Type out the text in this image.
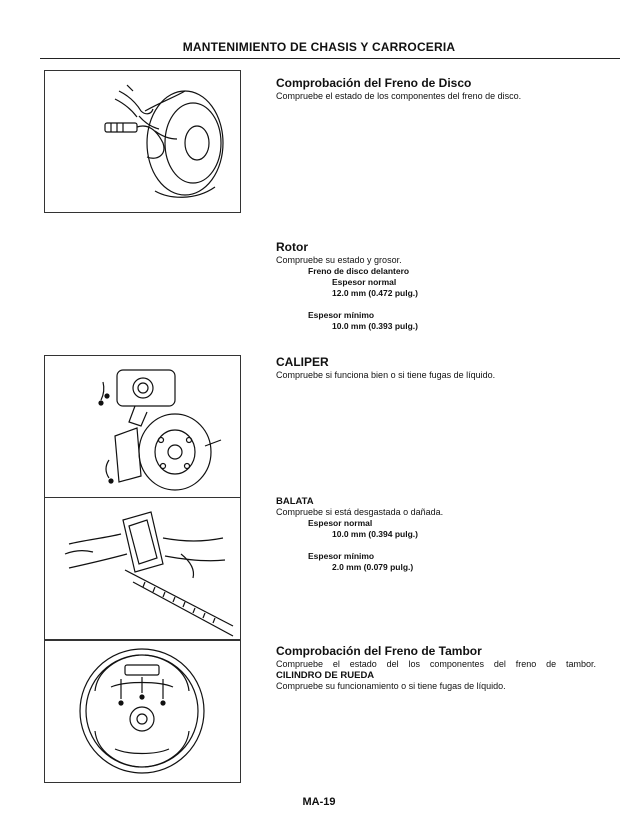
MANTENIMIENTO DE CHASIS Y CARROCERIA

Comprobación del Freno de Disco

Compruebe el estado de los componentes del freno de disco.

Rotor

Compruebe su estado y grosor.

Freno de disco delantero

Espesor normal

12.0 mm (0.472 pulg.)

Espesor mínimo

10.0 mm (0.393 pulg.)

CALIPER

Compruebe si funciona bien o si tiene fugas de líquido.

BALATA

Compruebe si está desgastada o dañada.

Espesor normal

10.0 mm (0.394 pulg.)

Espesor mínimo

2.0 mm (0.079 pulg.)

Comprobación del Freno de Tambor

Compruebe el estado del los componentes del freno de tambor.

CILINDRO DE RUEDA

Compruebe su funcionamiento o si tiene fugas de líquido.

MA-19
